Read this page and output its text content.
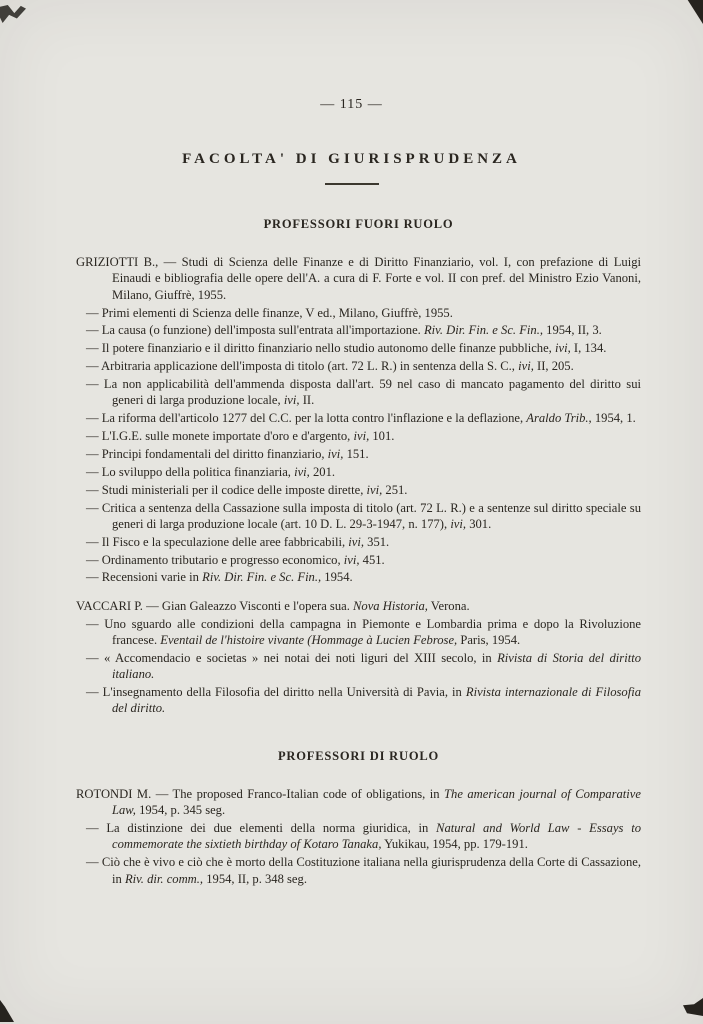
— 115 —
FACOLTA' DI GIURISPRUDENZA
PROFESSORI FUORI RUOLO

GRIZIOTTI B., — Studi di Scienza delle Finanze e di Diritto Finanziario, vol. I, con prefazione di Luigi Einaudi e bibliografia delle opere dell'A. a cura di F. Forte e vol. II con pref. del Ministro Ezio Vanoni, Milano, Giuffrè, 1955.

— Primi elementi di Scienza delle finanze, V ed., Milano, Giuffrè, 1955.

— La causa (o funzione) dell'imposta sull'entrata all'importazione. Riv. Dir. Fin. e Sc. Fin., 1954, II, 3.

— Il potere finanziario e il diritto finanziario nello studio autonomo delle finanze pubbliche, ivi, I, 134.

— Arbitraria applicazione dell'imposta di titolo (art. 72 L. R.) in sentenza della S. C., ivi, II, 205.

— La non applicabilità dell'ammenda disposta dall'art. 59 nel caso di mancato pagamento del diritto sui generi di larga produzione locale, ivi, II.

— La riforma dell'articolo 1277 del C.C. per la lotta contro l'inflazione e la deflazione, Araldo Trib., 1954, 1.

— L'I.G.E. sulle monete importate d'oro e d'argento, ivi, 101.

— Principi fondamentali del diritto finanziario, ivi, 151.

— Lo sviluppo della politica finanziaria, ivi, 201.

— Studi ministeriali per il codice delle imposte dirette, ivi, 251.

— Critica a sentenza della Cassazione sulla imposta di titolo (art. 72 L. R.) e a sentenze sul diritto speciale su generi di larga produzione locale (art. 10 D. L. 29-3-1947, n. 177), ivi, 301.

— Il Fisco e la speculazione delle aree fabbricabili, ivi, 351.

— Ordinamento tributario e progresso economico, ivi, 451.

— Recensioni varie in Riv. Dir. Fin. e Sc. Fin., 1954.

VACCARI P. — Gian Galeazzo Visconti e l'opera sua. Nova Historia, Verona.

— Uno sguardo alle condizioni della campagna in Piemonte e Lombardia prima e dopo la Rivoluzione francese. Eventail de l'histoire vivante (Hommage à Lucien Febrose, Paris, 1954.

— « Accomendacio e societas » nei notai dei noti liguri del XIII secolo, in Rivista di Storia del diritto italiano.

— L'insegnamento della Filosofia del diritto nella Università di Pavia, in Rivista internazionale di Filosofia del diritto.

PROFESSORI DI RUOLO

ROTONDI M. — The proposed Franco-Italian code of obligations, in The american journal of Comparative Law, 1954, p. 345 seg.

— La distinzione dei due elementi della norma giuridica, in Natural and World Law - Essays to commemorate the sixtieth birthday of Kotaro Tanaka, Yukikau, 1954, pp. 179-191.

— Ciò che è vivo e ciò che è morto della Costituzione italiana nella giurisprudenza della Corte di Cassazione, in Riv. dir. comm., 1954, II, p. 348 seg.
